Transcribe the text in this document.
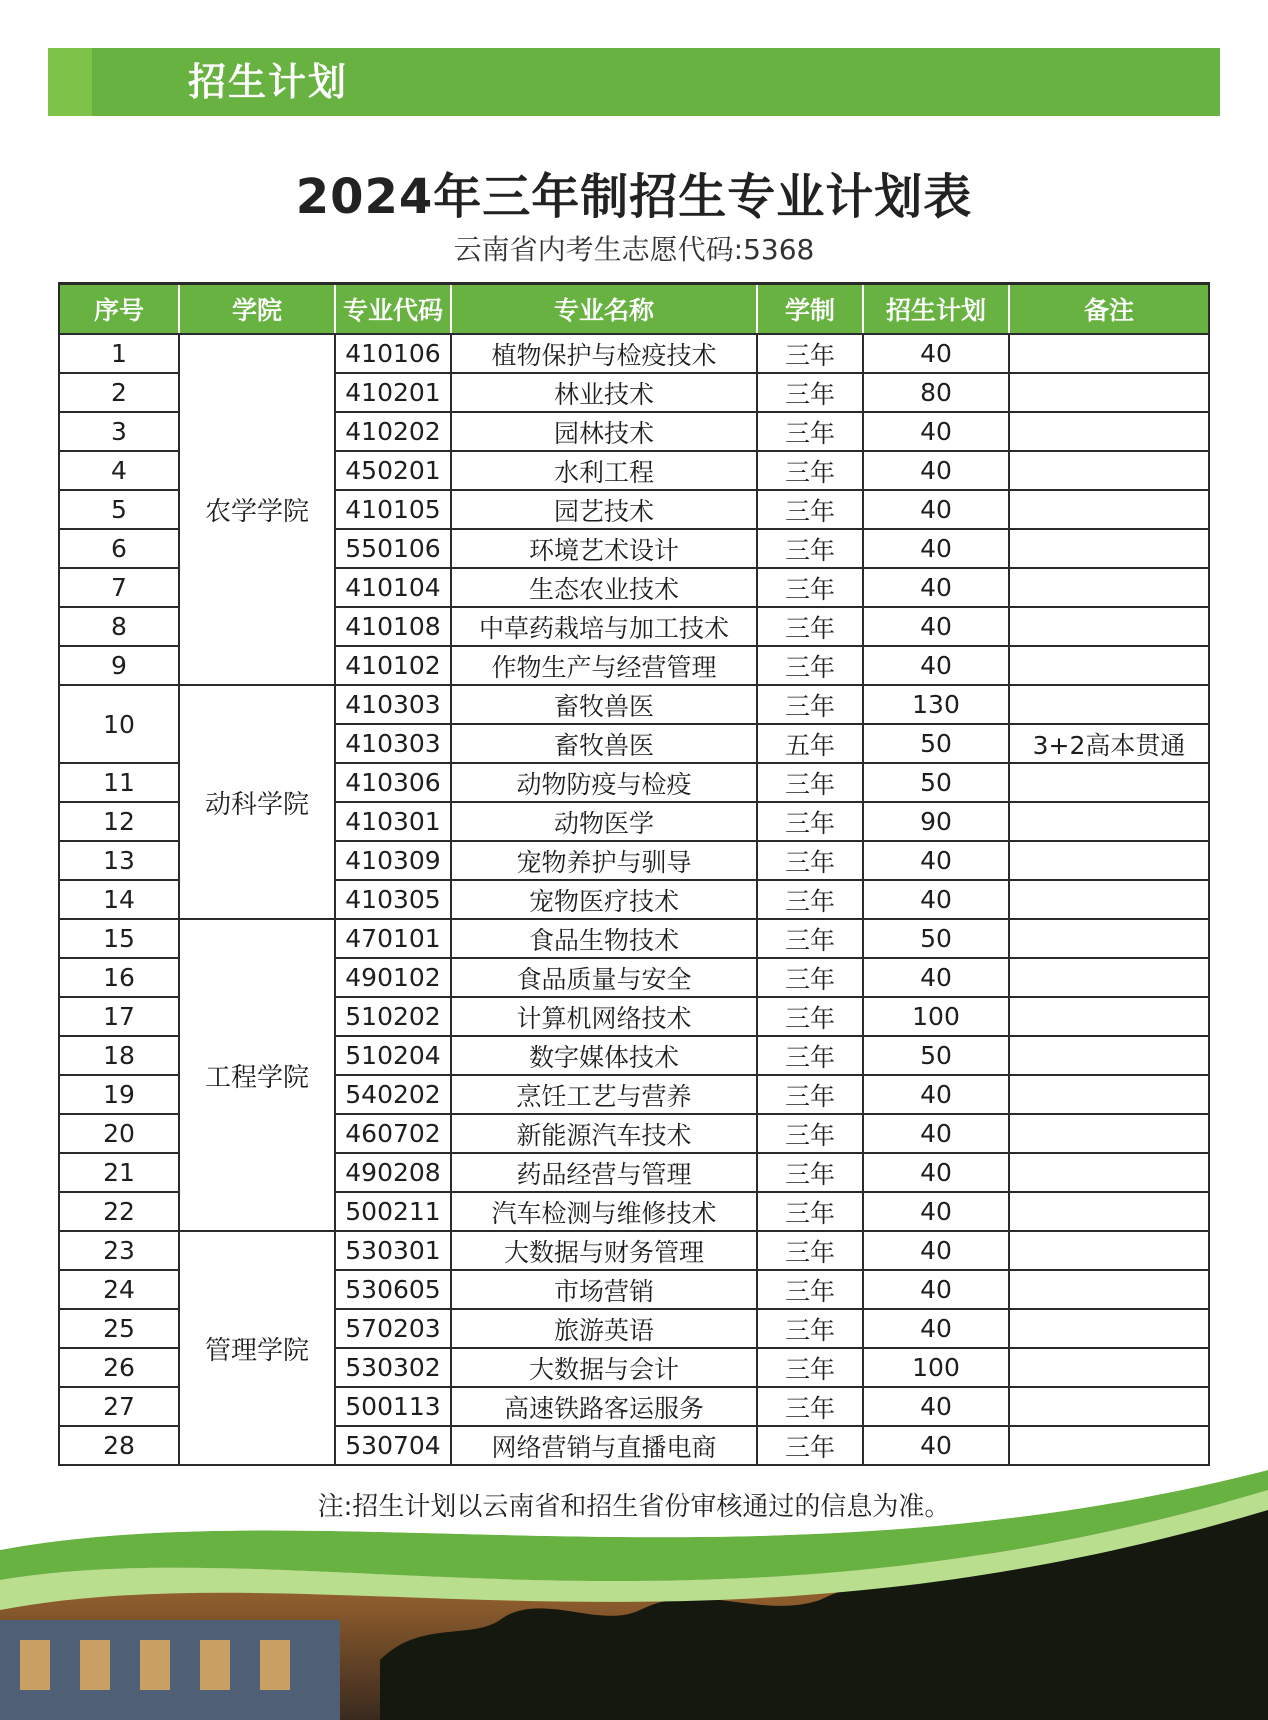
招生计划
2024年三年制招生专业计划表
云南省内考生志愿代码:5368
序号	学院	专业代码	专业名称	学制	招生计划	备注
1	农学学院	410106	植物保护与检疫技术	三年	40	
2		410201	林业技术	三年	80	
3		410202	园林技术	三年	40	
4		450201	水利工程	三年	40	
5		410105	园艺技术	三年	40	
6		550106	环境艺术设计	三年	40	
7		410104	生态农业技术	三年	40	
8		410108	中草药栽培与加工技术	三年	40	
9		410102	作物生产与经营管理	三年	40	
10	动科学院	410303	畜牧兽医	三年	130	
		410303	畜牧兽医	五年	50	3+2高本贯通
11		410306	动物防疫与检疫	三年	50	
12		410301	动物医学	三年	90	
13		410309	宠物养护与驯导	三年	40	
14		410305	宠物医疗技术	三年	40	
15	工程学院	470101	食品生物技术	三年	50	
16		490102	食品质量与安全	三年	40	
17		510202	计算机网络技术	三年	100	
18		510204	数字媒体技术	三年	50	
19		540202	烹饪工艺与营养	三年	40	
20		460702	新能源汽车技术	三年	40	
21		490208	药品经营与管理	三年	40	
22		500211	汽车检测与维修技术	三年	40	
23	管理学院	530301	大数据与财务管理	三年	40	
24		530605	市场营销	三年	40	
25		570203	旅游英语	三年	40	
26		530302	大数据与会计	三年	100	
27		500113	高速铁路客运服务	三年	40	
28		530704	网络营销与直播电商	三年	40	
注:招生计划以云南省和招生省份审核通过的信息为准。
